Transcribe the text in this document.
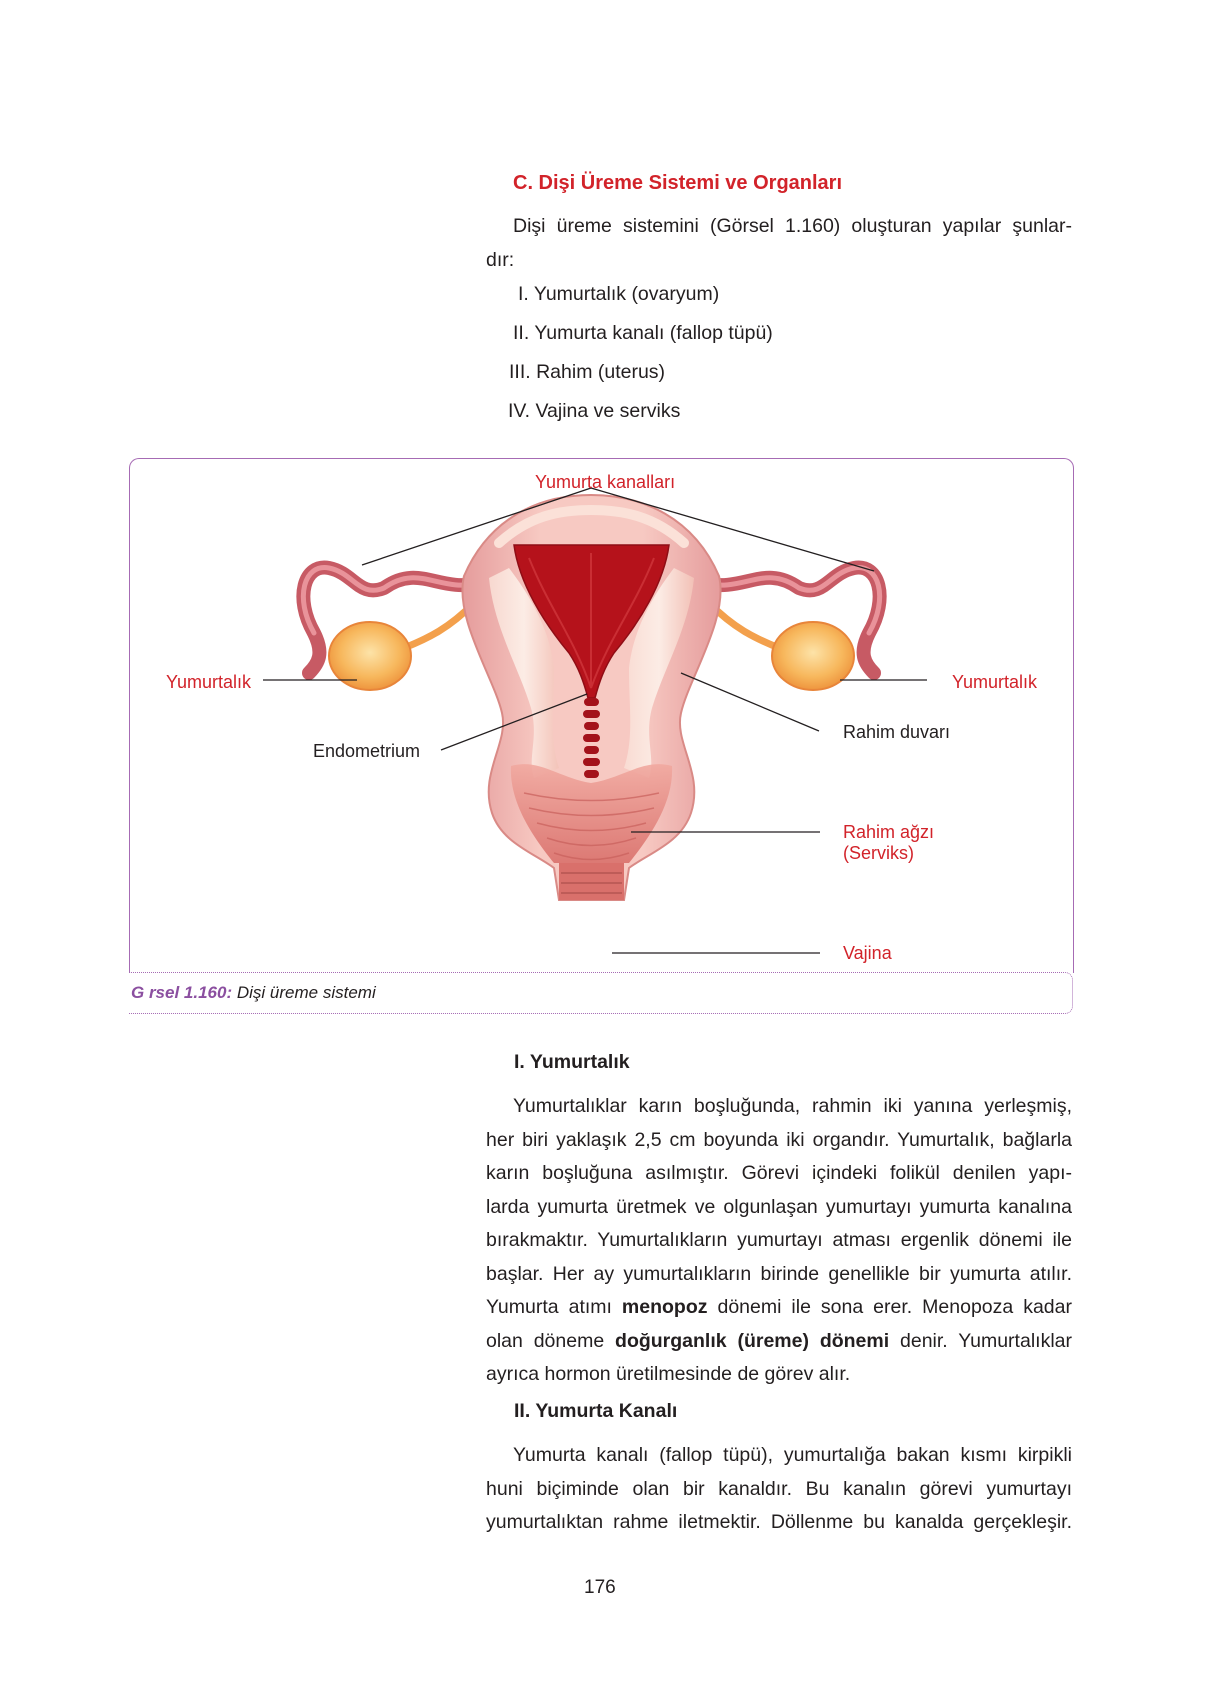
C. Dişi Üreme Sistemi ve Organları
Dişi üreme sistemini (Görsel 1.160) oluşturan yapılar şunlar-
dır:
I. Yumurtalık (ovaryum)
II. Yumurta kanalı (fallop tüpü)
III. Rahim (uterus)
IV. Vajina ve serviks
G rsel 1.160: Dişi üreme sistemi
Yumurta kanalları
Yumurtalık	Yumurtalık
Endometrium
Rahim duvarı
Rahim ağzı
(Serviks)
Vajina
I. Yumurtalık
Yumurtalıklar karın boşluğunda, rahmin iki yanına yerleşmiş,
her biri yaklaşık 2,5 cm boyunda iki organdır. Yumurtalık, bağlarla
karın boşluğuna asılmıştır. Görevi içindeki folikül denilen yapı-
larda yumurta üretmek ve olgunlaşan yumurtayı yumurta kanalına
bırakmaktır. Yumurtalıkların yumurtayı atması ergenlik dönemi ile
başlar. Her ay yumurtalıkların birinde genellikle bir yumurta atılır.
Yumurta atımı menopoz dönemi ile sona erer. Menopoza kadar
olan döneme doğurganlık (üreme) dönemi denir. Yumurtalıklar
ayrıca hormon üretilmesinde de görev alır.
II. Yumurta Kanalı
Yumurta kanalı (fallop tüpü), yumurtalığa bakan kısmı kirpikli
huni biçiminde olan bir kanaldır. Bu kanalın görevi yumurtayı
yumurtalıktan rahme iletmektir. Döllenme bu kanalda gerçekleşir.
176
